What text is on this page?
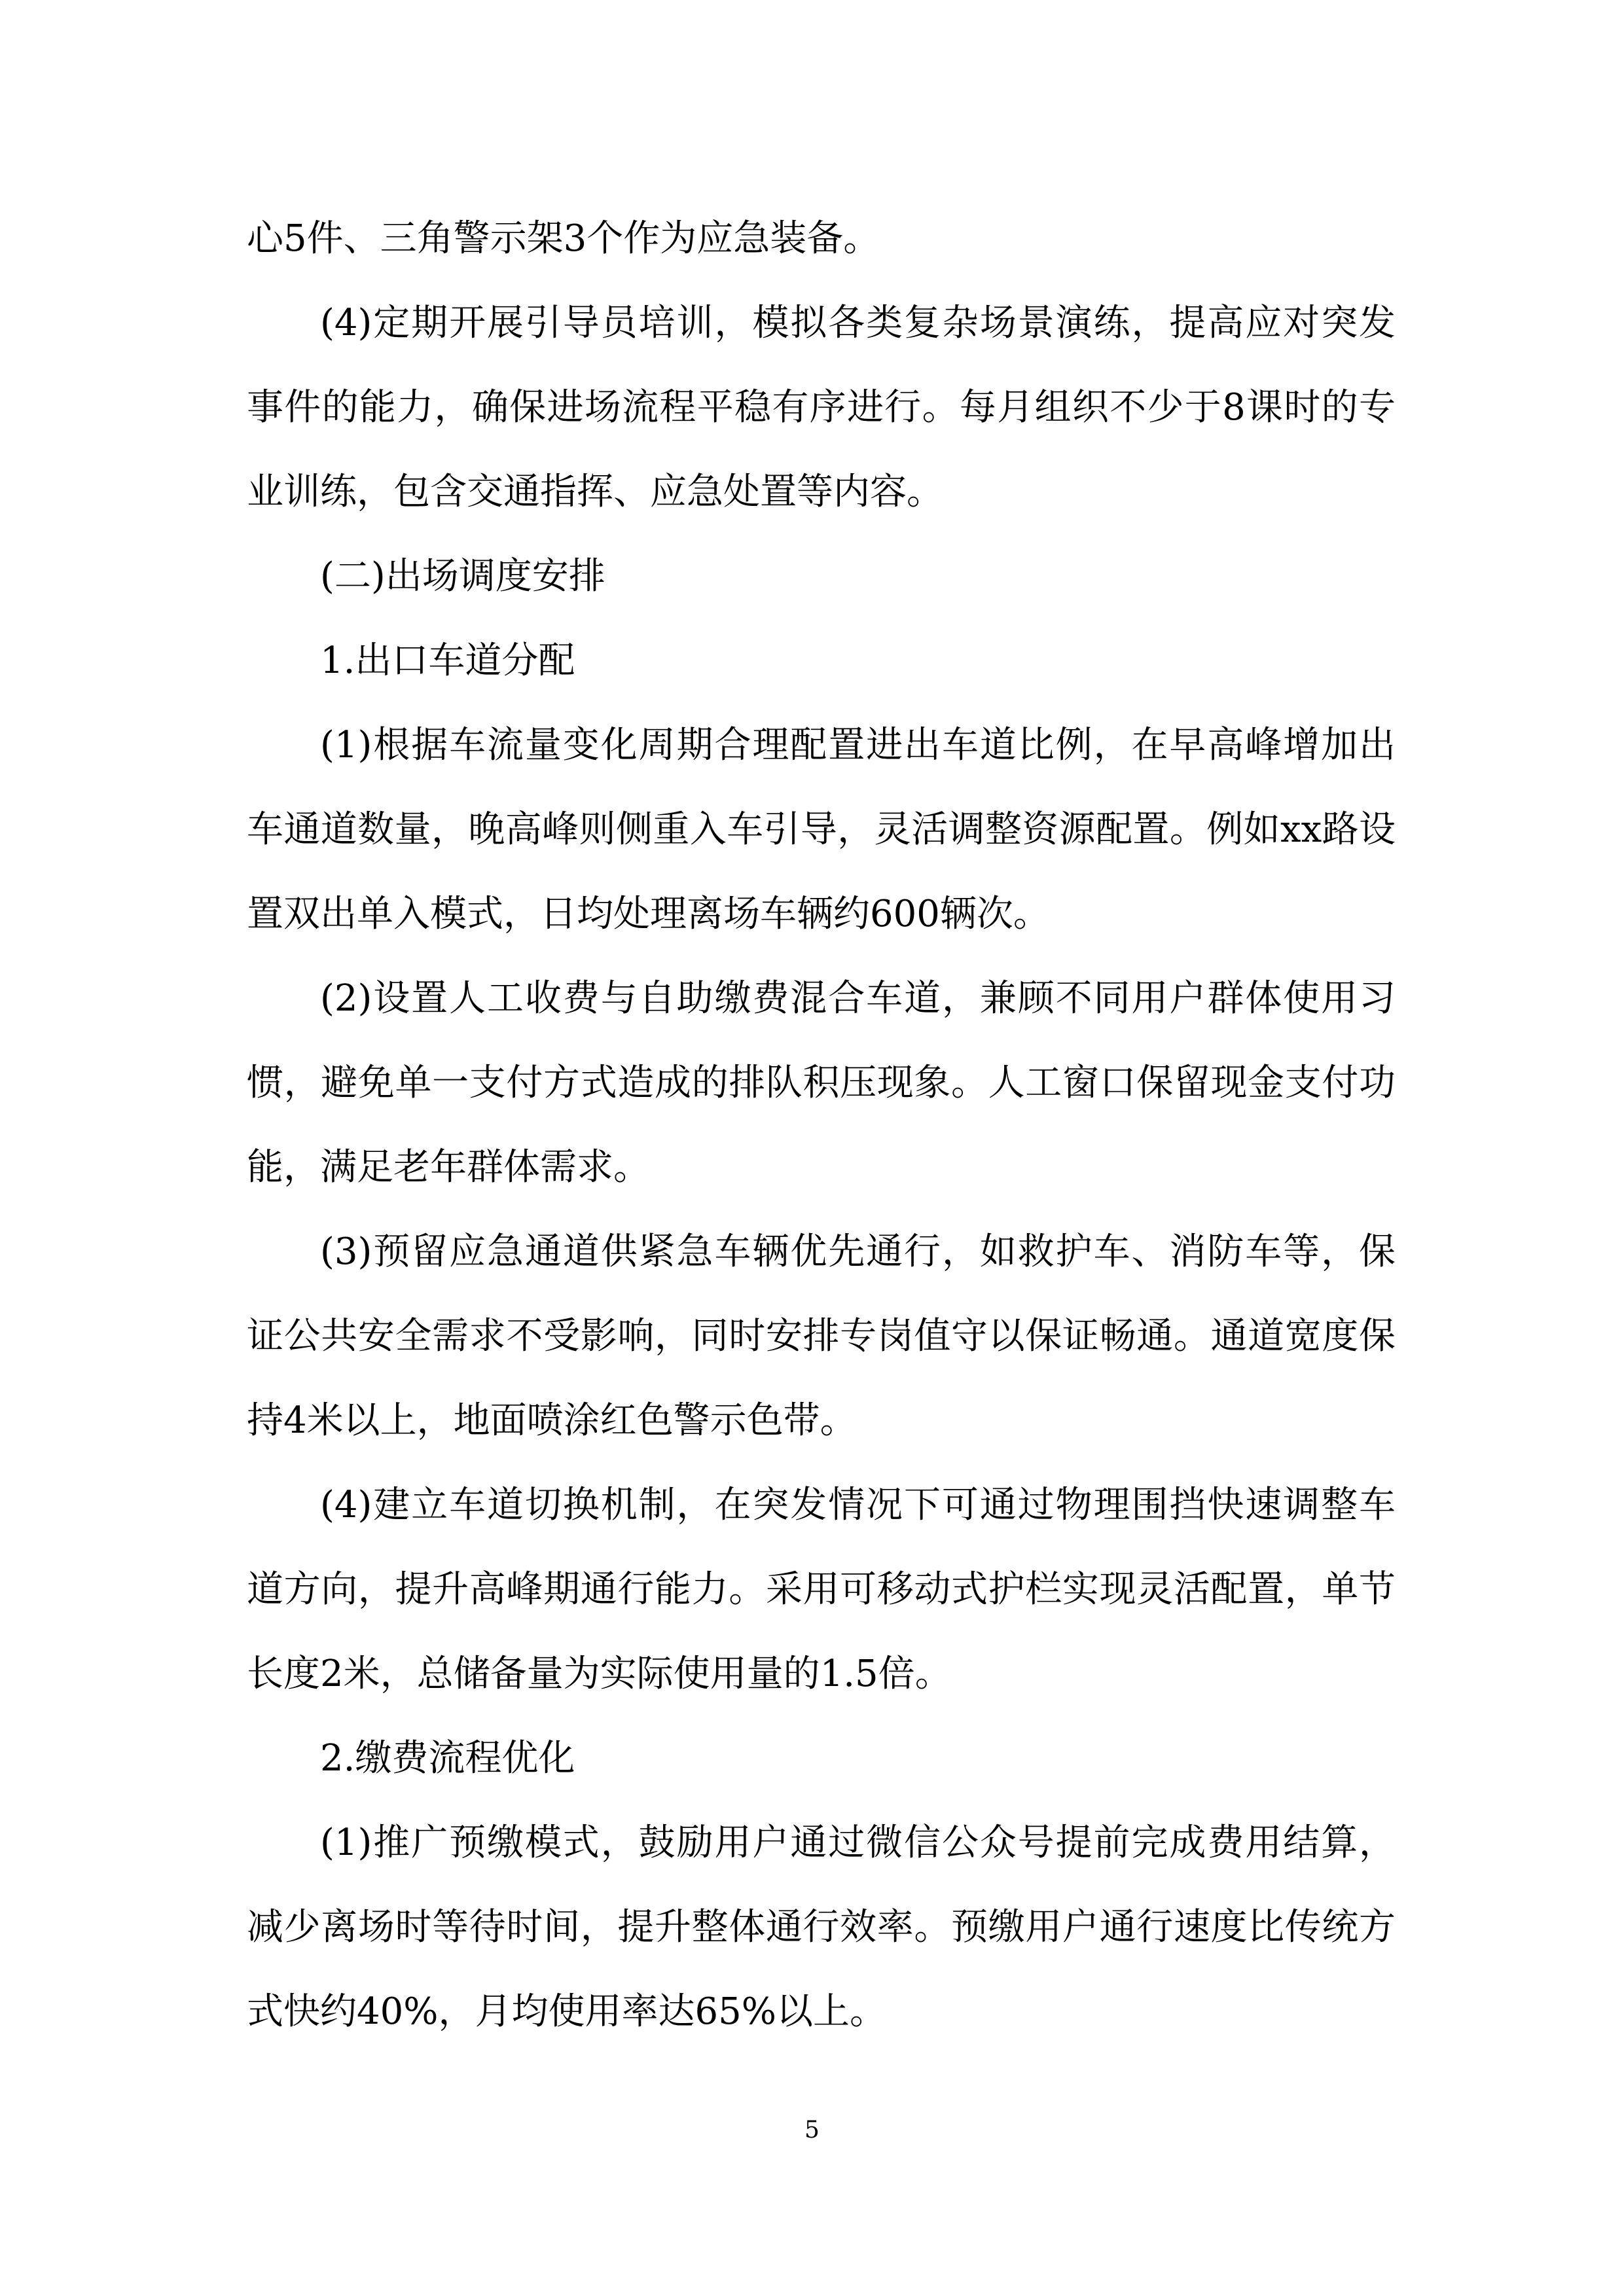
心5件、三角警示架3个作为应急装备。

(4)定期开展引导员培训，模拟各类复杂场景演练，提高应对突发事件的能力，确保进场流程平稳有序进行。每月组织不少于8课时的专业训练，包含交通指挥、应急处置等内容。

(二)出场调度安排

1.出口车道分配

(1)根据车流量变化周期合理配置进出车道比例，在早高峰增加出车通道数量，晚高峰则侧重入车引导，灵活调整资源配置。例如xx路设置双出单入模式，日均处理离场车辆约600辆次。

(2)设置人工收费与自助缴费混合车道，兼顾不同用户群体使用习惯，避免单一支付方式造成的排队积压现象。人工窗口保留现金支付功能，满足老年群体需求。

(3)预留应急通道供紧急车辆优先通行，如救护车、消防车等，保证公共安全需求不受影响，同时安排专岗值守以保证畅通。通道宽度保持4米以上，地面喷涂红色警示色带。

(4)建立车道切换机制，在突发情况下可通过物理围挡快速调整车道方向，提升高峰期通行能力。采用可移动式护栏实现灵活配置，单节长度2米，总储备量为实际使用量的1.5倍。

2.缴费流程优化

(1)推广预缴模式，鼓励用户通过微信公众号提前完成费用结算，减少离场时等待时间，提升整体通行效率。预缴用户通行速度比传统方式快约40%，月均使用率达65%以上。

5
